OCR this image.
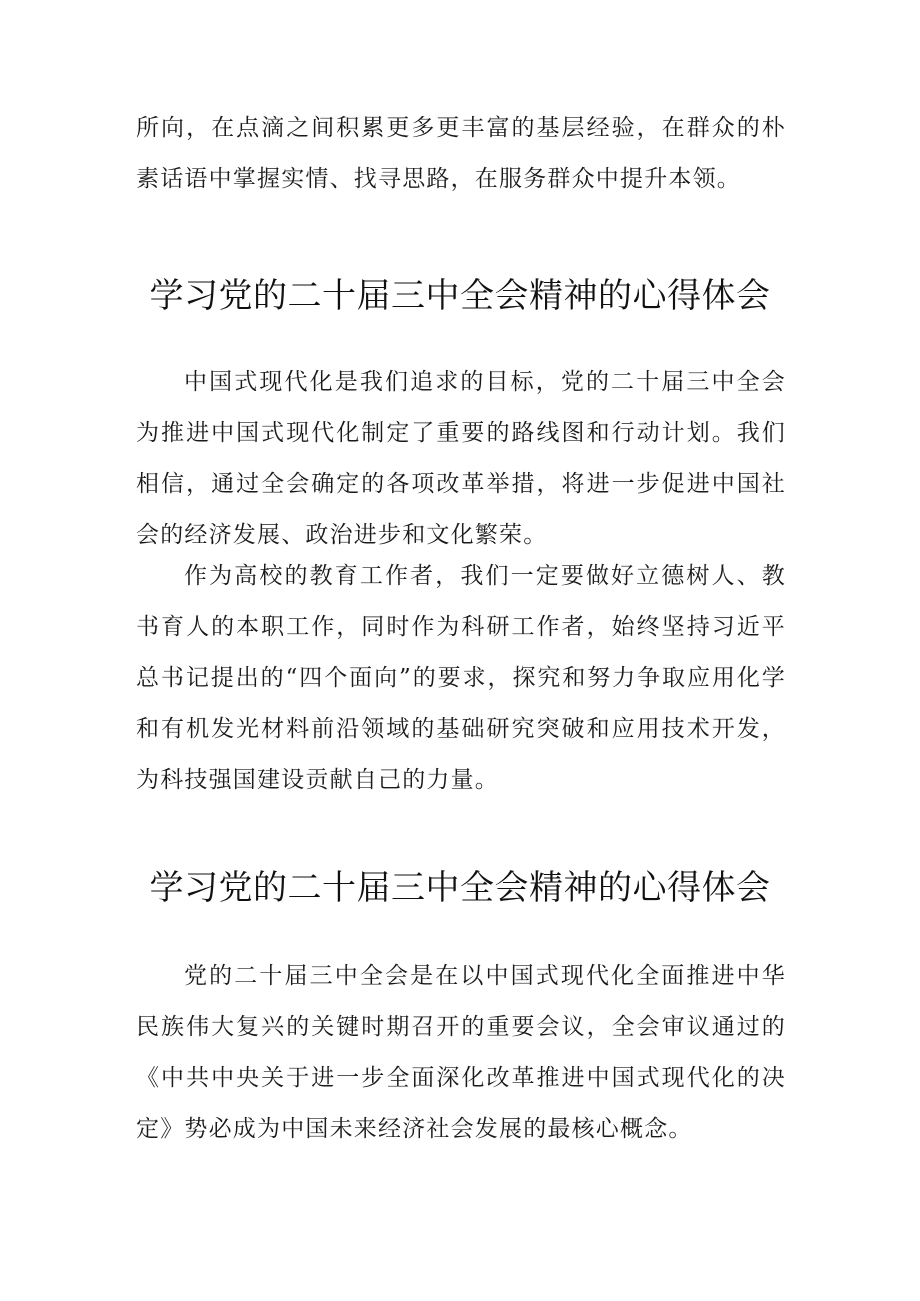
所向，在点滴之间积累更多更丰富的基层经验，在群众的朴素话语中掌握实情、找寻思路，在服务群众中提升本领。

学习党的二十届三中全会精神的心得体会

中国式现代化是我们追求的目标，党的二十届三中全会为推进中国式现代化制定了重要的路线图和行动计划。我们相信，通过全会确定的各项改革举措，将进一步促进中国社会的经济发展、政治进步和文化繁荣。

作为高校的教育工作者，我们一定要做好立德树人、教书育人的本职工作，同时作为科研工作者，始终坚持习近平总书记提出的“四个面向”的要求，探究和努力争取应用化学和有机发光材料前沿领域的基础研究突破和应用技术开发，为科技强国建设贡献自己的力量。

学习党的二十届三中全会精神的心得体会

党的二十届三中全会是在以中国式现代化全面推进中华民族伟大复兴的关键时期召开的重要会议，全会审议通过的《中共中央关于进一步全面深化改革推进中国式现代化的决定》势必成为中国未来经济社会发展的最核心概念。
